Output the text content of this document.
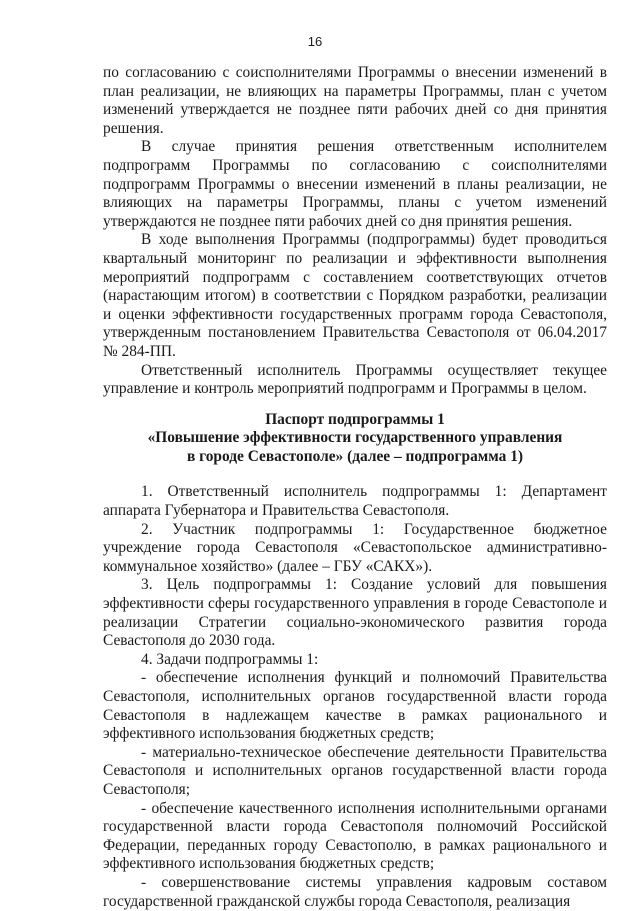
16

по согласованию с соисполнителями Программы о внесении изменений в план реализации, не влияющих на параметры Программы, план с учетом изменений утверждается не позднее пяти рабочих дней со дня принятия решения.

В случае принятия решения ответственным исполнителем подпрограмм Программы по согласованию с соисполнителями подпрограмм Программы о внесении изменений в планы реализации, не влияющих на параметры Программы, планы с учетом изменений утверждаются не позднее пяти рабочих дней со дня принятия решения.

В ходе выполнения Программы (подпрограммы) будет проводиться квартальный мониторинг по реализации и эффективности выполнения мероприятий подпрограмм с составлением соответствующих отчетов (нарастающим итогом) в соответствии с Порядком разработки, реализации и оценки эффективности государственных программ города Севастополя, утвержденным постановлением Правительства Севастополя от 06.04.2017 № 284-ПП.

Ответственный исполнитель Программы осуществляет текущее управление и контроль мероприятий подпрограмм и Программы в целом.

Паспорт подпрограммы 1
«Повышение эффективности государственного управления
в городе Севастополе» (далее – подпрограмма 1)

1. Ответственный исполнитель подпрограммы 1: Департамент аппарата Губернатора и Правительства Севастополя.

2. Участник подпрограммы 1: Государственное бюджетное учреждение города Севастополя «Севастопольское административно-коммунальное хозяйство» (далее – ГБУ «САКХ»).

3. Цель подпрограммы 1: Создание условий для повышения эффективности сферы государственного управления в городе Севастополе и реализации Стратегии социально-экономического развития города Севастополя до 2030 года.

4. Задачи подпрограммы 1:

- обеспечение исполнения функций и полномочий Правительства Севастополя, исполнительных органов государственной власти города Севастополя в надлежащем качестве в рамках рационального и эффективного использования бюджетных средств;

- материально-техническое обеспечение деятельности Правительства Севастополя и исполнительных органов государственной власти города Севастополя;

- обеспечение качественного исполнения исполнительными органами государственной власти города Севастополя полномочий Российской Федерации, переданных городу Севастополю, в рамках рационального и эффективного использования бюджетных средств;

- совершенствование системы управления кадровым составом государственной гражданской службы города Севастополя, реализация
